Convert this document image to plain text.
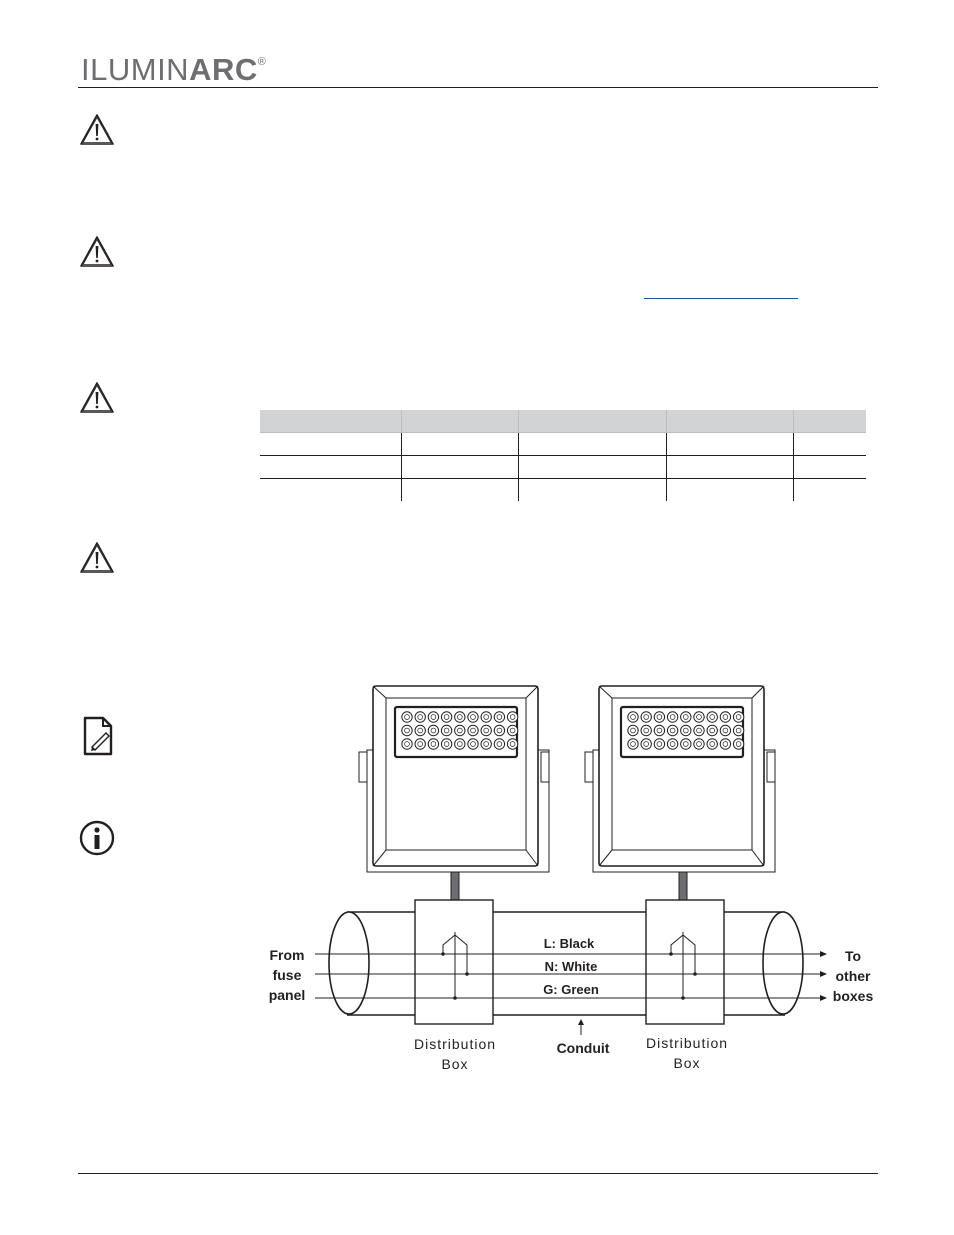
ILUMINARC®

L: Black
N: White
G: Green
From
fuse
panel
To
other
boxes
Conduit
Distribution
Box
Distribution
Box
